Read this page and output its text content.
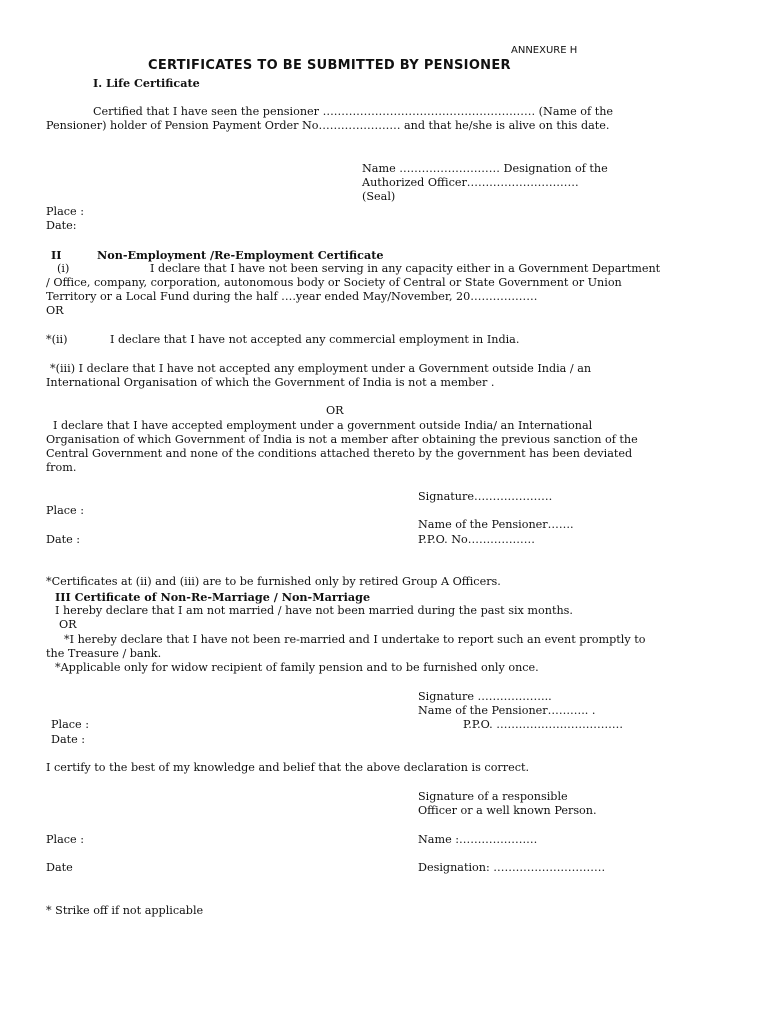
ANNEXURE H
CERTIFICATES TO BE SUBMITTED BY PENSIONER
I. Life Certificate
Certified that I have seen the pensioner ………………………………………………… (Name of the
Pensioner) holder of Pension Payment Order No…………………. and that he/she is alive on this date.
Name ……………………… Designation of the
Authorized Officer…………………………
(Seal)
Place :
Date:
II	Non-Employment /Re-Employment Certificate
(i)	I declare that I have not been serving in any capacity either in a Government Department
/ Office, company, corporation, autonomous body or Society of Central or State Government or Union
Territory or a Local Fund during the half ….year ended May/November, 20………………
OR
*(ii)	I declare that I have not accepted any commercial employment in India.
*(iii) I declare that I have not accepted any employment under a Government outside India / an
International Organisation of which the Government of India is not a member .
OR
I declare that I have accepted employment under a government outside India/ an International
Organisation of which Government of India is not a member after obtaining the previous sanction of the
Central Government and none of the conditions attached thereto by the government has been deviated
from.
Signature…………………
Place :
Name of the Pensioner…….
Date :	P.P.O. No………………
*Certificates at (ii) and (iii) are to be furnished only by retired Group A Officers.
III Certificate of Non-Re-Marriage / Non-Marriage
I hereby declare that I am not married / have not been married during the past six months.
OR
*I hereby declare that I have not been re-married and I undertake to report such an event promptly to
the Treasure / bank.
*Applicable only for widow recipient of family pension and to be furnished only once.
Signature ………………..
Name of the Pensioner……….. .
Place :	P.P.O. …………………………….
Date :
I certify to the best of my knowledge and belief that the above declaration is correct.
Signature of a responsible
Officer or a well known Person.
Place :	Name :…………………
Date	Designation: …………………………
* Strike off if not applicable
